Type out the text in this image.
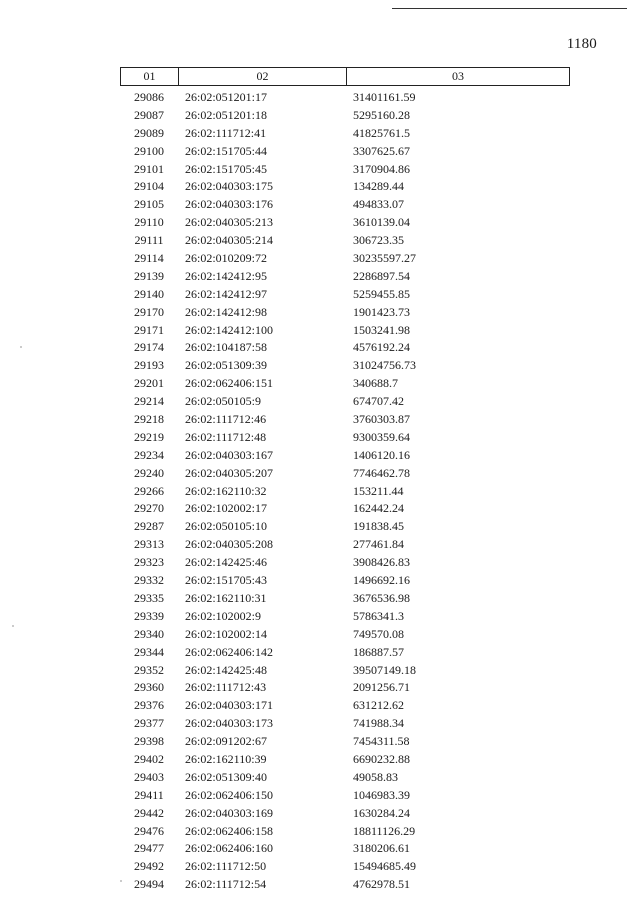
1180
01	02	03
29086	26:02:051201:17	31401161.59
29087	26:02:051201:18	5295160.28
29089	26:02:111712:41	41825761.5
29100	26:02:151705:44	3307625.67
29101	26:02:151705:45	3170904.86
29104	26:02:040303:175	134289.44
29105	26:02:040303:176	494833.07
29110	26:02:040305:213	3610139.04
29111	26:02:040305:214	306723.35
29114	26:02:010209:72	30235597.27
29139	26:02:142412:95	2286897.54
29140	26:02:142412:97	5259455.85
29170	26:02:142412:98	1901423.73
29171	26:02:142412:100	1503241.98
29174	26:02:104187:58	4576192.24
29193	26:02:051309:39	31024756.73
29201	26:02:062406:151	340688.7
29214	26:02:050105:9	674707.42
29218	26:02:111712:46	3760303.87
29219	26:02:111712:48	9300359.64
29234	26:02:040303:167	1406120.16
29240	26:02:040305:207	7746462.78
29266	26:02:162110:32	153211.44
29270	26:02:102002:17	162442.24
29287	26:02:050105:10	191838.45
29313	26:02:040305:208	277461.84
29323	26:02:142425:46	3908426.83
29332	26:02:151705:43	1496692.16
29335	26:02:162110:31	3676536.98
29339	26:02:102002:9	5786341.3
29340	26:02:102002:14	749570.08
29344	26:02:062406:142	186887.57
29352	26:02:142425:48	39507149.18
29360	26:02:111712:43	2091256.71
29376	26:02:040303:171	631212.62
29377	26:02:040303:173	741988.34
29398	26:02:091202:67	7454311.58
29402	26:02:162110:39	6690232.88
29403	26:02:051309:40	49058.83
29411	26:02:062406:150	1046983.39
29442	26:02:040303:169	1630284.24
29476	26:02:062406:158	18811126.29
29477	26:02:062406:160	3180206.61
29492	26:02:111712:50	15494685.49
29494	26:02:111712:54	4762978.51
